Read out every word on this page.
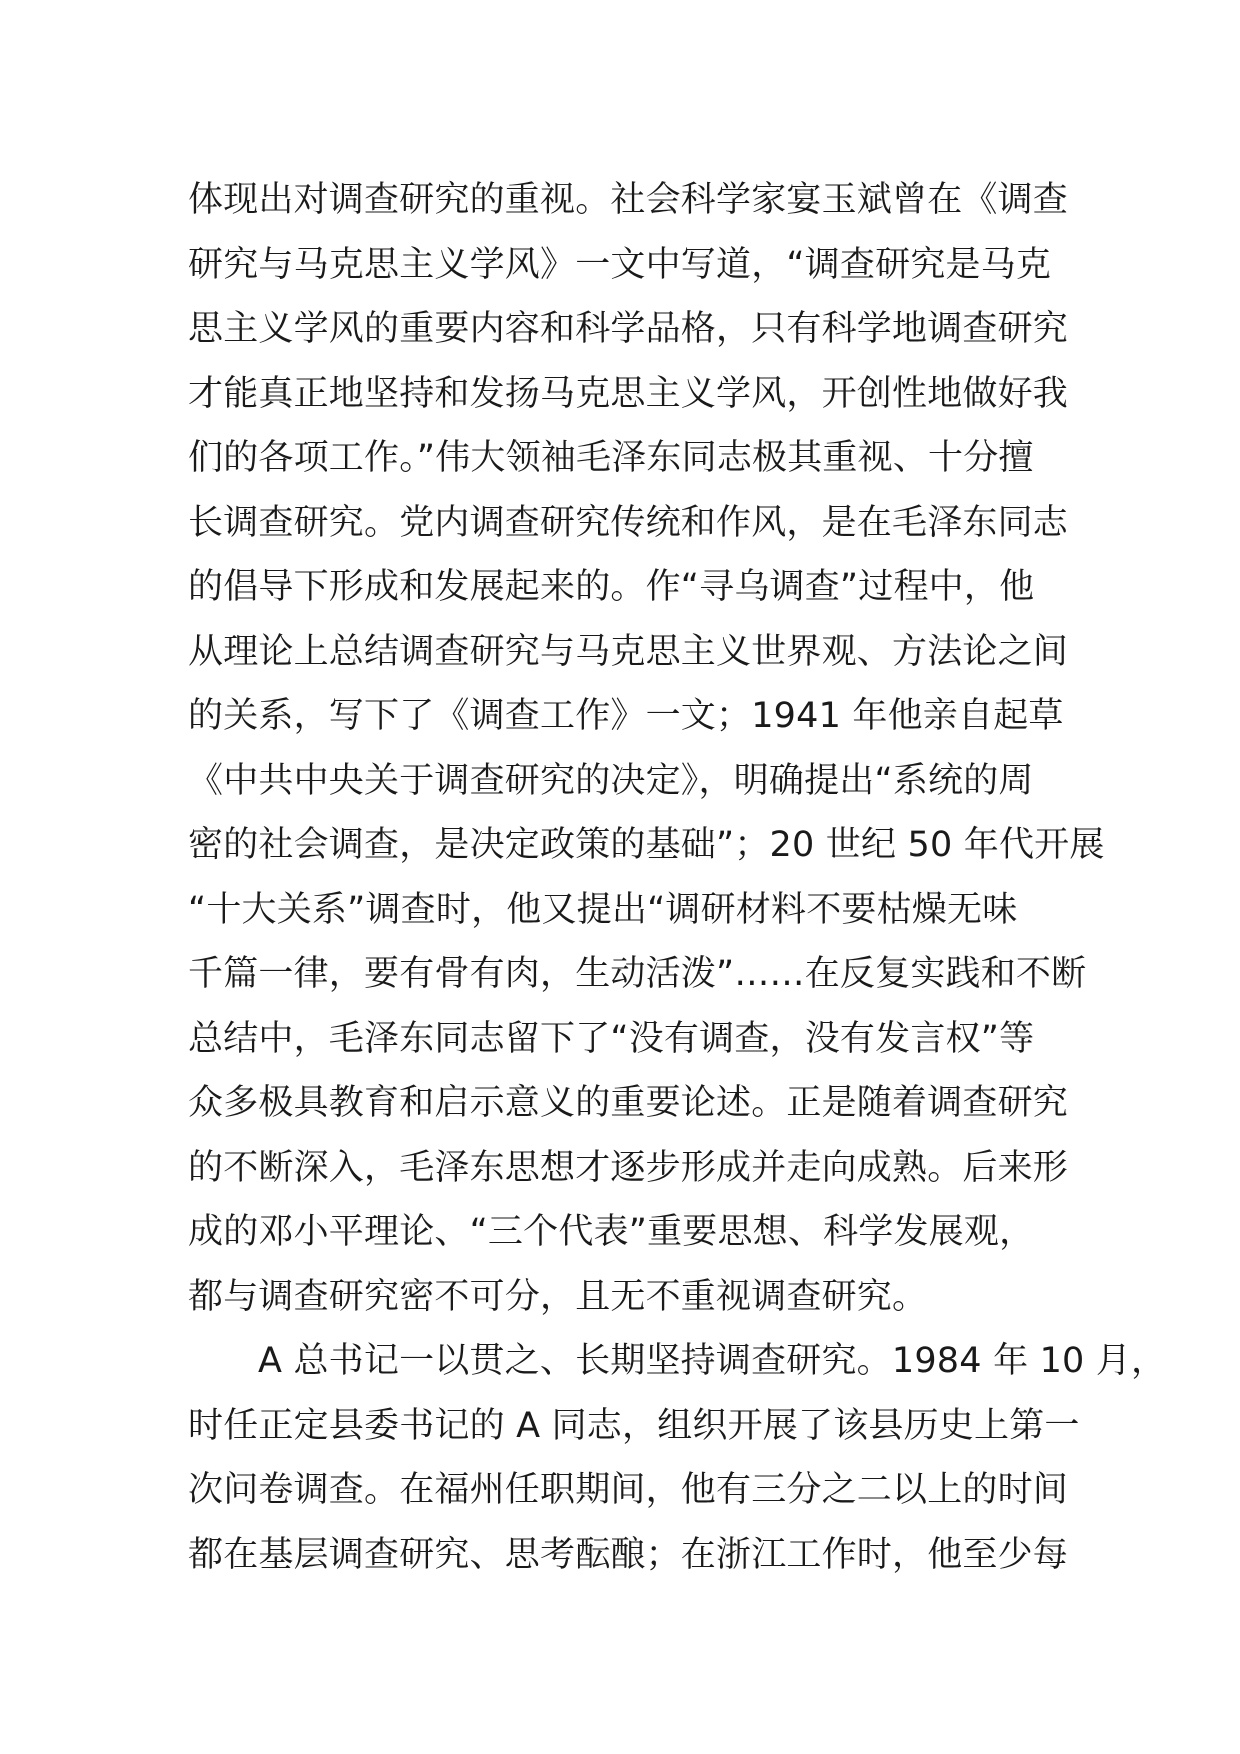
体现出对调查研究的重视。社会科学家宴玉斌曾在《调查
研究与马克思主义学风》一文中写道，“调查研究是马克
思主义学风的重要内容和科学品格，只有科学地调查研究
才能真正地坚持和发扬马克思主义学风，开创性地做好我
们的各项工作。”伟大领袖毛泽东同志极其重视、十分擅
长调查研究。党内调查研究传统和作风，是在毛泽东同志
的倡导下形成和发展起来的。作“寻乌调查”过程中，他
从理论上总结调查研究与马克思主义世界观、方法论之间
的关系，写下了《调查工作》一文；1941 年他亲自起草
《中共中央关于调查研究的决定》，明确提出“系统的周
密的社会调查，是决定政策的基础”；20 世纪 50 年代开展
“十大关系”调查时，他又提出“调研材料不要枯燥无味
千篇一律，要有骨有肉，生动活泼”……在反复实践和不断
总结中，毛泽东同志留下了“没有调查，没有发言权”等
众多极具教育和启示意义的重要论述。正是随着调查研究
的不断深入，毛泽东思想才逐步形成并走向成熟。后来形
成的邓小平理论、“三个代表”重要思想、科学发展观，
都与调查研究密不可分，且无不重视调查研究。
A 总书记一以贯之、长期坚持调查研究。1984 年 10 月，
时任正定县委书记的 A 同志，组织开展了该县历史上第一
次问卷调查。在福州任职期间，他有三分之二以上的时间
都在基层调查研究、思考酝酿；在浙江工作时，他至少每
